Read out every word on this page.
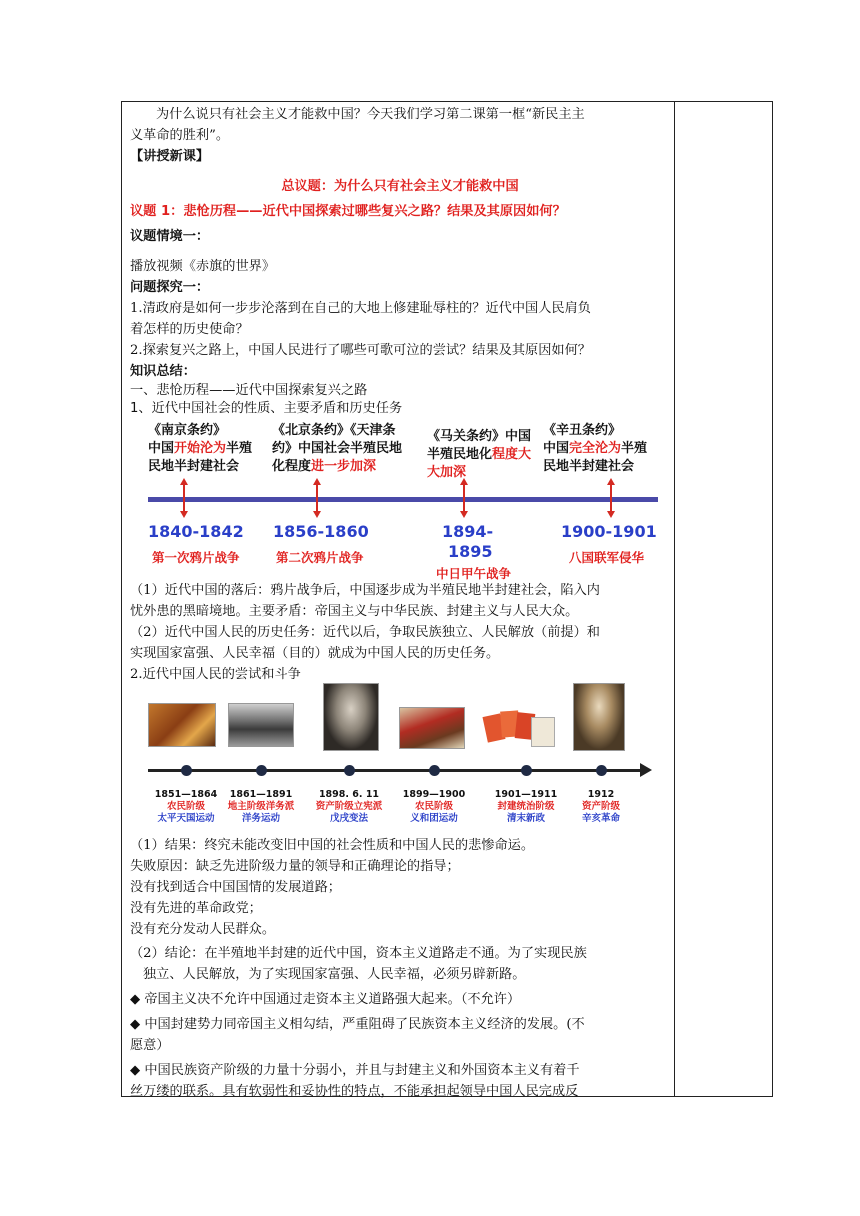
为什么说只有社会主义才能救中国？今天我们学习第二课第一框“新民主主
义革命的胜利”。
【讲授新课】
总议题：为什么只有社会主义才能救中国
议题 1：悲怆历程——近代中国探索过哪些复兴之路？结果及其原因如何？
议题情境一：
播放视频《赤旗的世界》
问题探究一：
1.清政府是如何一步步沦落到在自己的大地上修建耻辱柱的？近代中国人民肩负
着怎样的历史使命？
2.探索复兴之路上，中国人民进行了哪些可歌可泣的尝试？结果及其原因如何？
知识总结：
一、悲怆历程——近代中国探索复兴之路
1、近代中国社会的性质、主要矛盾和历史任务
《南京条约》
中国开始沦为半殖
民地半封建社会
1840-1842
第一次鸦片战争
《北京条约》《天津条
约》中国社会半殖民地
化程度进一步加深
1856-1860
第二次鸦片战争
《马关条约》中国
半殖民地化程度大
大加深
1894-
1895
中日甲午战争
《辛丑条约》
中国完全沦为半殖
民地半封建社会
1900-1901
八国联军侵华
（1）近代中国的落后：鸦片战争后，中国逐步成为半殖民地半封建社会，陷入内
忧外患的黑暗境地。主要矛盾：帝国主义与中华民族、封建主义与人民大众。
（2）近代中国人民的历史任务：近代以后，争取民族独立、人民解放（前提）和
实现国家富强、人民幸福（目的）就成为中国人民的历史任务。
2.近代中国人民的尝试和斗争
1851—1864
农民阶级
太平天国运动
1861—1891
地主阶级洋务派
洋务运动
1898. 6. 11
资产阶级立宪派
戊戌变法
1899—1900
农民阶级
义和团运动
1901—1911
封建统治阶级
清末新政
1912
资产阶级
辛亥革命
（1）结果：终究未能改变旧中国的社会性质和中国人民的悲惨命运。
失败原因：缺乏先进阶级力量的领导和正确理论的指导；
没有找到适合中国国情的发展道路；
没有先进的革命政党；
没有充分发动人民群众。
（2）结论：在半殖地半封建的近代中国，资本主义道路走不通。为了实现民族
独立、人民解放，为了实现国家富强、人民幸福，必须另辟新路。
◆ 帝国主义决不允许中国通过走资本主义道路强大起来。（不允许）
◆ 中国封建势力同帝国主义相勾结，严重阻碍了民族资本主义经济的发展。(不
愿意）
◆ 中国民族资产阶级的力量十分弱小，并且与封建主义和外国资本主义有着千
丝万缕的联系。具有软弱性和妥协性的特点，不能承担起领导中国人民完成反
